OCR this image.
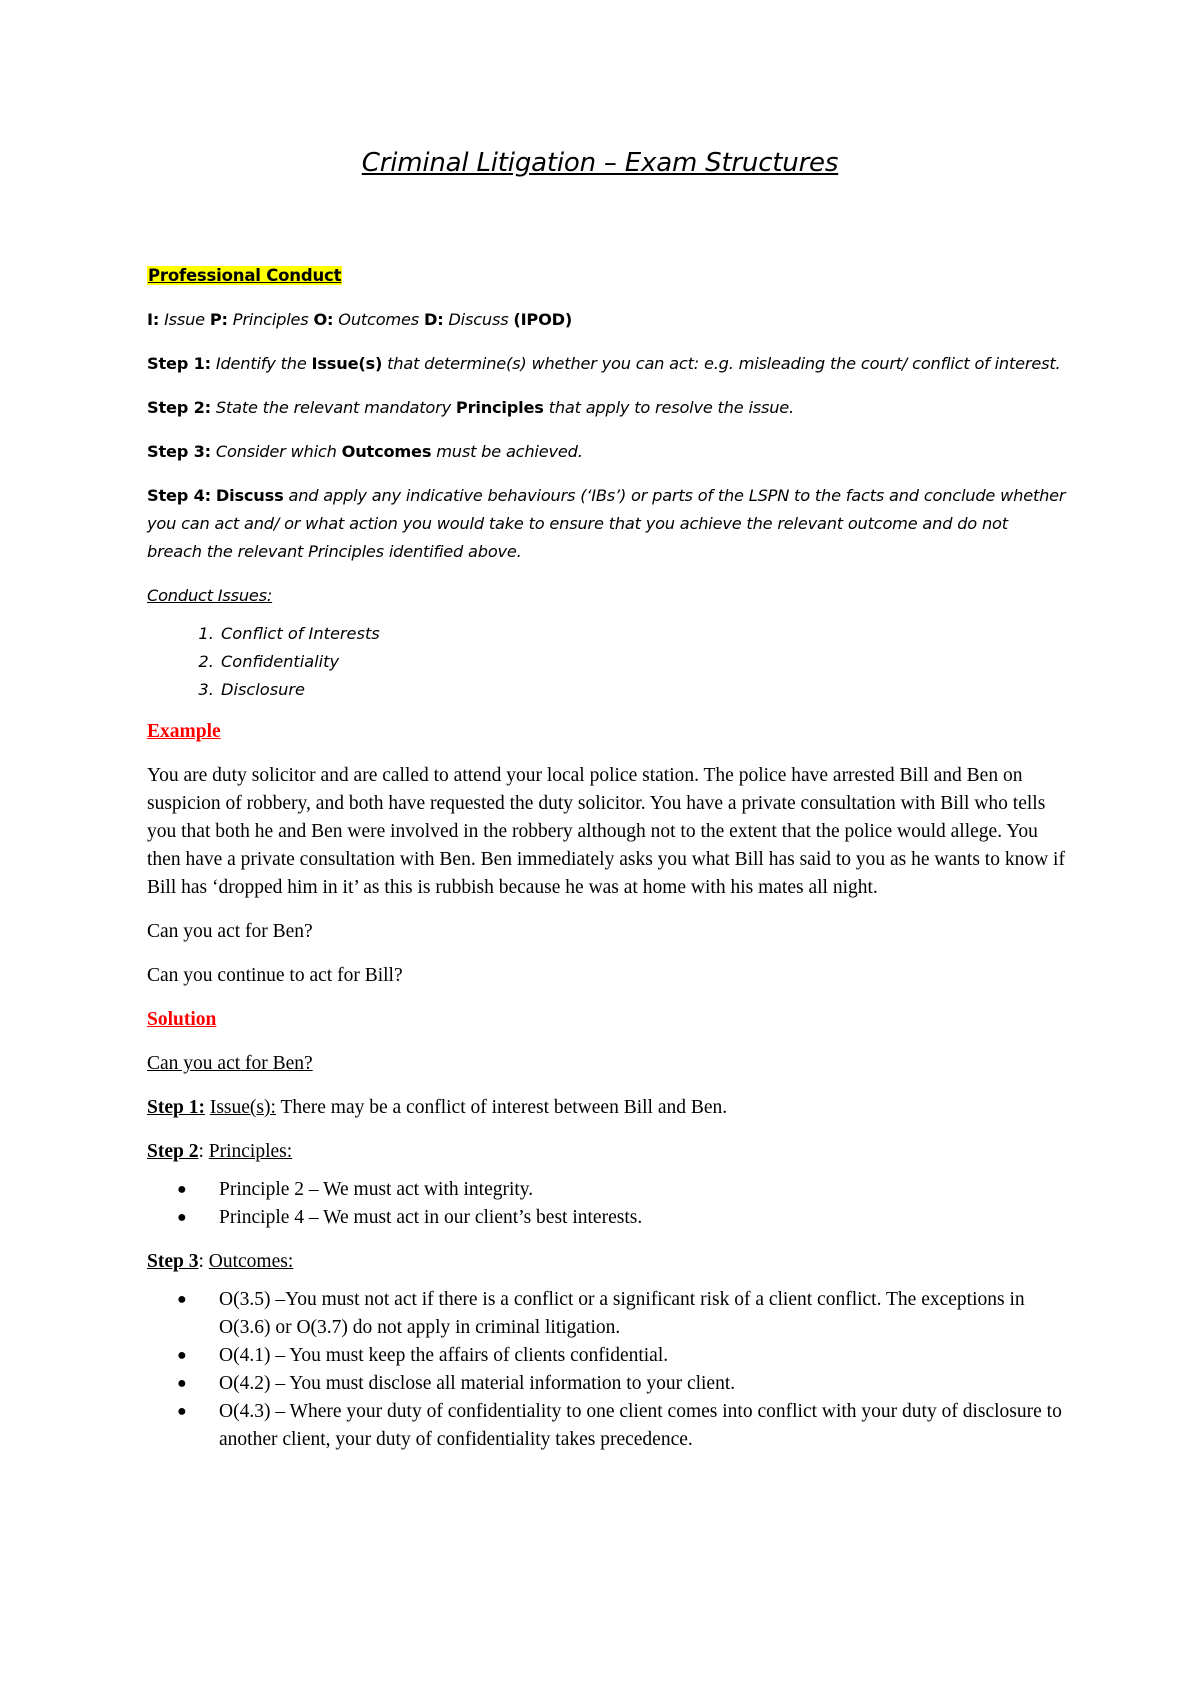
Criminal Litigation – Exam Structures

Professional Conduct

I: Issue P: Principles O: Outcomes D: Discuss (IPOD)

Step 1: Identify the Issue(s) that determine(s) whether you can act: e.g. misleading the court/ conflict of interest.

Step 2: State the relevant mandatory Principles that apply to resolve the issue.

Step 3: Consider which Outcomes must be achieved.

Step 4: Discuss and apply any indicative behaviours (‘IBs’) or parts of the LSPN to the facts and conclude whether you can act and/ or what action you would take to ensure that you achieve the relevant outcome and do not breach the relevant Principles identified above.

Conduct Issues:

1. Conflict of Interests
2. Confidentiality
3. Disclosure

Example

You are duty solicitor and are called to attend your local police station. The police have arrested Bill and Ben on suspicion of robbery, and both have requested the duty solicitor. You have a private consultation with Bill who tells you that both he and Ben were involved in the robbery although not to the extent that the police would allege. You then have a private consultation with Ben. Ben immediately asks you what Bill has said to you as he wants to know if Bill has ‘dropped him in it’ as this is rubbish because he was at home with his mates all night.

Can you act for Ben?

Can you continue to act for Bill?

Solution

Can you act for Ben?

Step 1: Issue(s): There may be a conflict of interest between Bill and Ben.

Step 2: Principles:

● Principle 2 – We must act with integrity.
● Principle 4 – We must act in our client’s best interests.

Step 3: Outcomes:

● O(3.5) –You must not act if there is a conflict or a significant risk of a client conflict. The exceptions in O(3.6) or O(3.7) do not apply in criminal litigation.
● O(4.1) – You must keep the affairs of clients confidential.
● O(4.2) – You must disclose all material information to your client.
● O(4.3) – Where your duty of confidentiality to one client comes into conflict with your duty of disclosure to another client, your duty of confidentiality takes precedence.
